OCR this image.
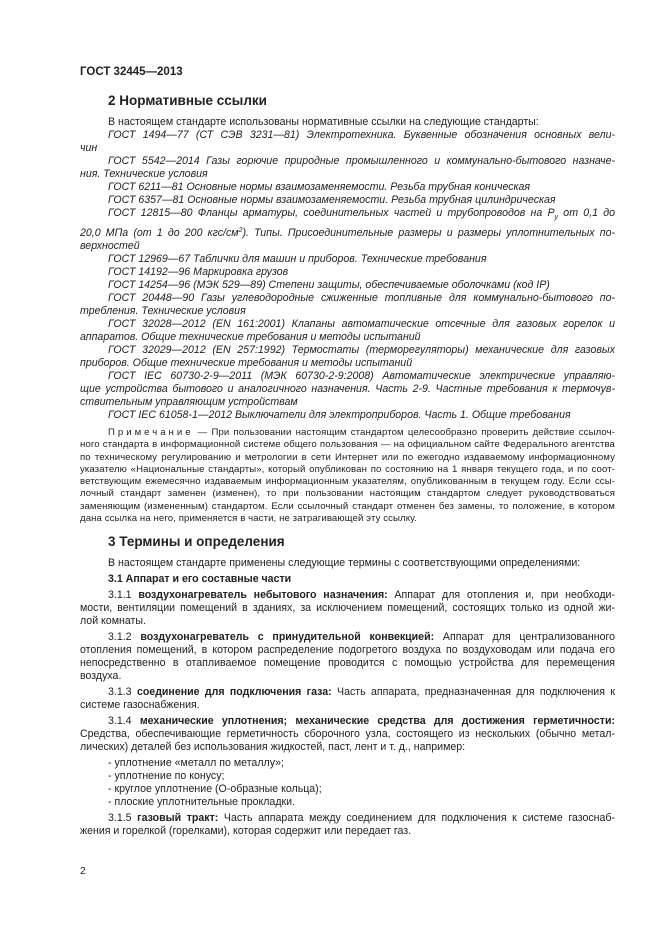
ГОСТ 32445—2013
2 Нормативные ссылки
В настоящем стандарте использованы нормативные ссылки на следующие стандарты:
ГОСТ 1494—77 (СТ СЭВ 3231—81) Электротехника. Буквенные обозначения основных вели-
чин
ГОСТ 5542—2014 Газы горючие природные промышленного и коммунально-бытового назначе-
ния. Технические условия
ГОСТ 6211—81 Основные нормы взаимозаменяемости. Резьба трубная коническая
ГОСТ 6357—81 Основные нормы взаимозаменяемости. Резьба трубная цилиндрическая
ГОСТ 12815—80 Фланцы арматуры, соединительных частей и трубопроводов на $P_y$ от 0,1 до
20,0 МПа (от 1 до 200 кгс/$см^2$). Типы. Присоединительные размеры и размеры уплотнительных по-
верхностей
ГОСТ 12969—67 Таблички для машин и приборов. Технические требования
ГОСТ 14192—96 Маркировка грузов
ГОСТ 14254—96 (МЭК 529—89) Степени защиты, обеспечиваемые оболочками (код IP)
ГОСТ 20448—90 Газы углеводородные сжиженные топливные для коммунально-бытового по-
требления. Технические условия
ГОСТ 32028—2012 (EN 161:2001) Клапаны автоматические отсечные для газовых горелок и
аппаратов. Общие технические требования и методы испытаний
ГОСТ 32029—2012 (EN 257:1992) Термостаты (терморегуляторы) механические для газовых
приборов. Общие технические требования и методы испытаний
ГОСТ IEC 60730-2-9—2011 (МЭК 60730-2-9:2008) Автоматические электрические управляю-
щие устройства бытового и аналогичного назначения. Часть 2-9. Частные требования к термочув-
ствительным управляющим устройствам
ГОСТ IEC 61058-1—2012 Выключатели для электроприборов. Часть 1. Общие требования
Примечание — При пользовании настоящим стандартом целесообразно проверить действие ссылоч-
ного стандарта в информационной системе общего пользования — на официальном сайте Федерального агентства
по техническому регулированию и метрологии в сети Интернет или по ежегодно издаваемому информационному
указателю «Национальные стандарты», который опубликован по состоянию на 1 января текущего года, и по соот-
ветствующим ежемесячно издаваемым информационным указателям, опубликованным в текущем году. Если ссы-
лочный стандарт заменен (изменен), то при пользовании настоящим стандартом следует руководствоваться
заменяющим (измененным) стандартом. Если ссылочный стандарт отменен без замены, то положение, в котором
дана ссылка на него, применяется в части, не затрагивающей эту ссылку.
3 Термины и определения
В настоящем стандарте применены следующие термины с соответствующими определениями:
3.1 Аппарат и его составные части
3.1.1 воздухонагреватель небытового назначения: Аппарат для отопления и, при необходи-
мости, вентиляции помещений в зданиях, за исключением помещений, состоящих только из одной жи-
лой комнаты.
3.1.2 воздухонагреватель с принудительной конвекцией: Аппарат для централизованного
отопления помещений, в котором распределение подогретого воздуха по воздуховодам или подача его
непосредственно в отапливаемое помещение проводится с помощью устройства для перемещения
воздуха.
3.1.3 соединение для подключения газа: Часть аппарата, предназначенная для подключения к
системе газоснабжения.
3.1.4 механические уплотнения; механические средства для достижения герметичности:
Средства, обеспечивающие герметичность сборочного узла, состоящего из нескольких (обычно метал-
лических) деталей без использования жидкостей, паст, лент и т. д., например:
- уплотнение «металл по металлу»;
- уплотнение по конусу;
- круглое уплотнение (О-образные кольца);
- плоские уплотнительные прокладки.
3.1.5 газовый тракт: Часть аппарата между соединением для подключения к системе газоснаб-
жения и горелкой (горелками), которая содержит или передает газ.
2
